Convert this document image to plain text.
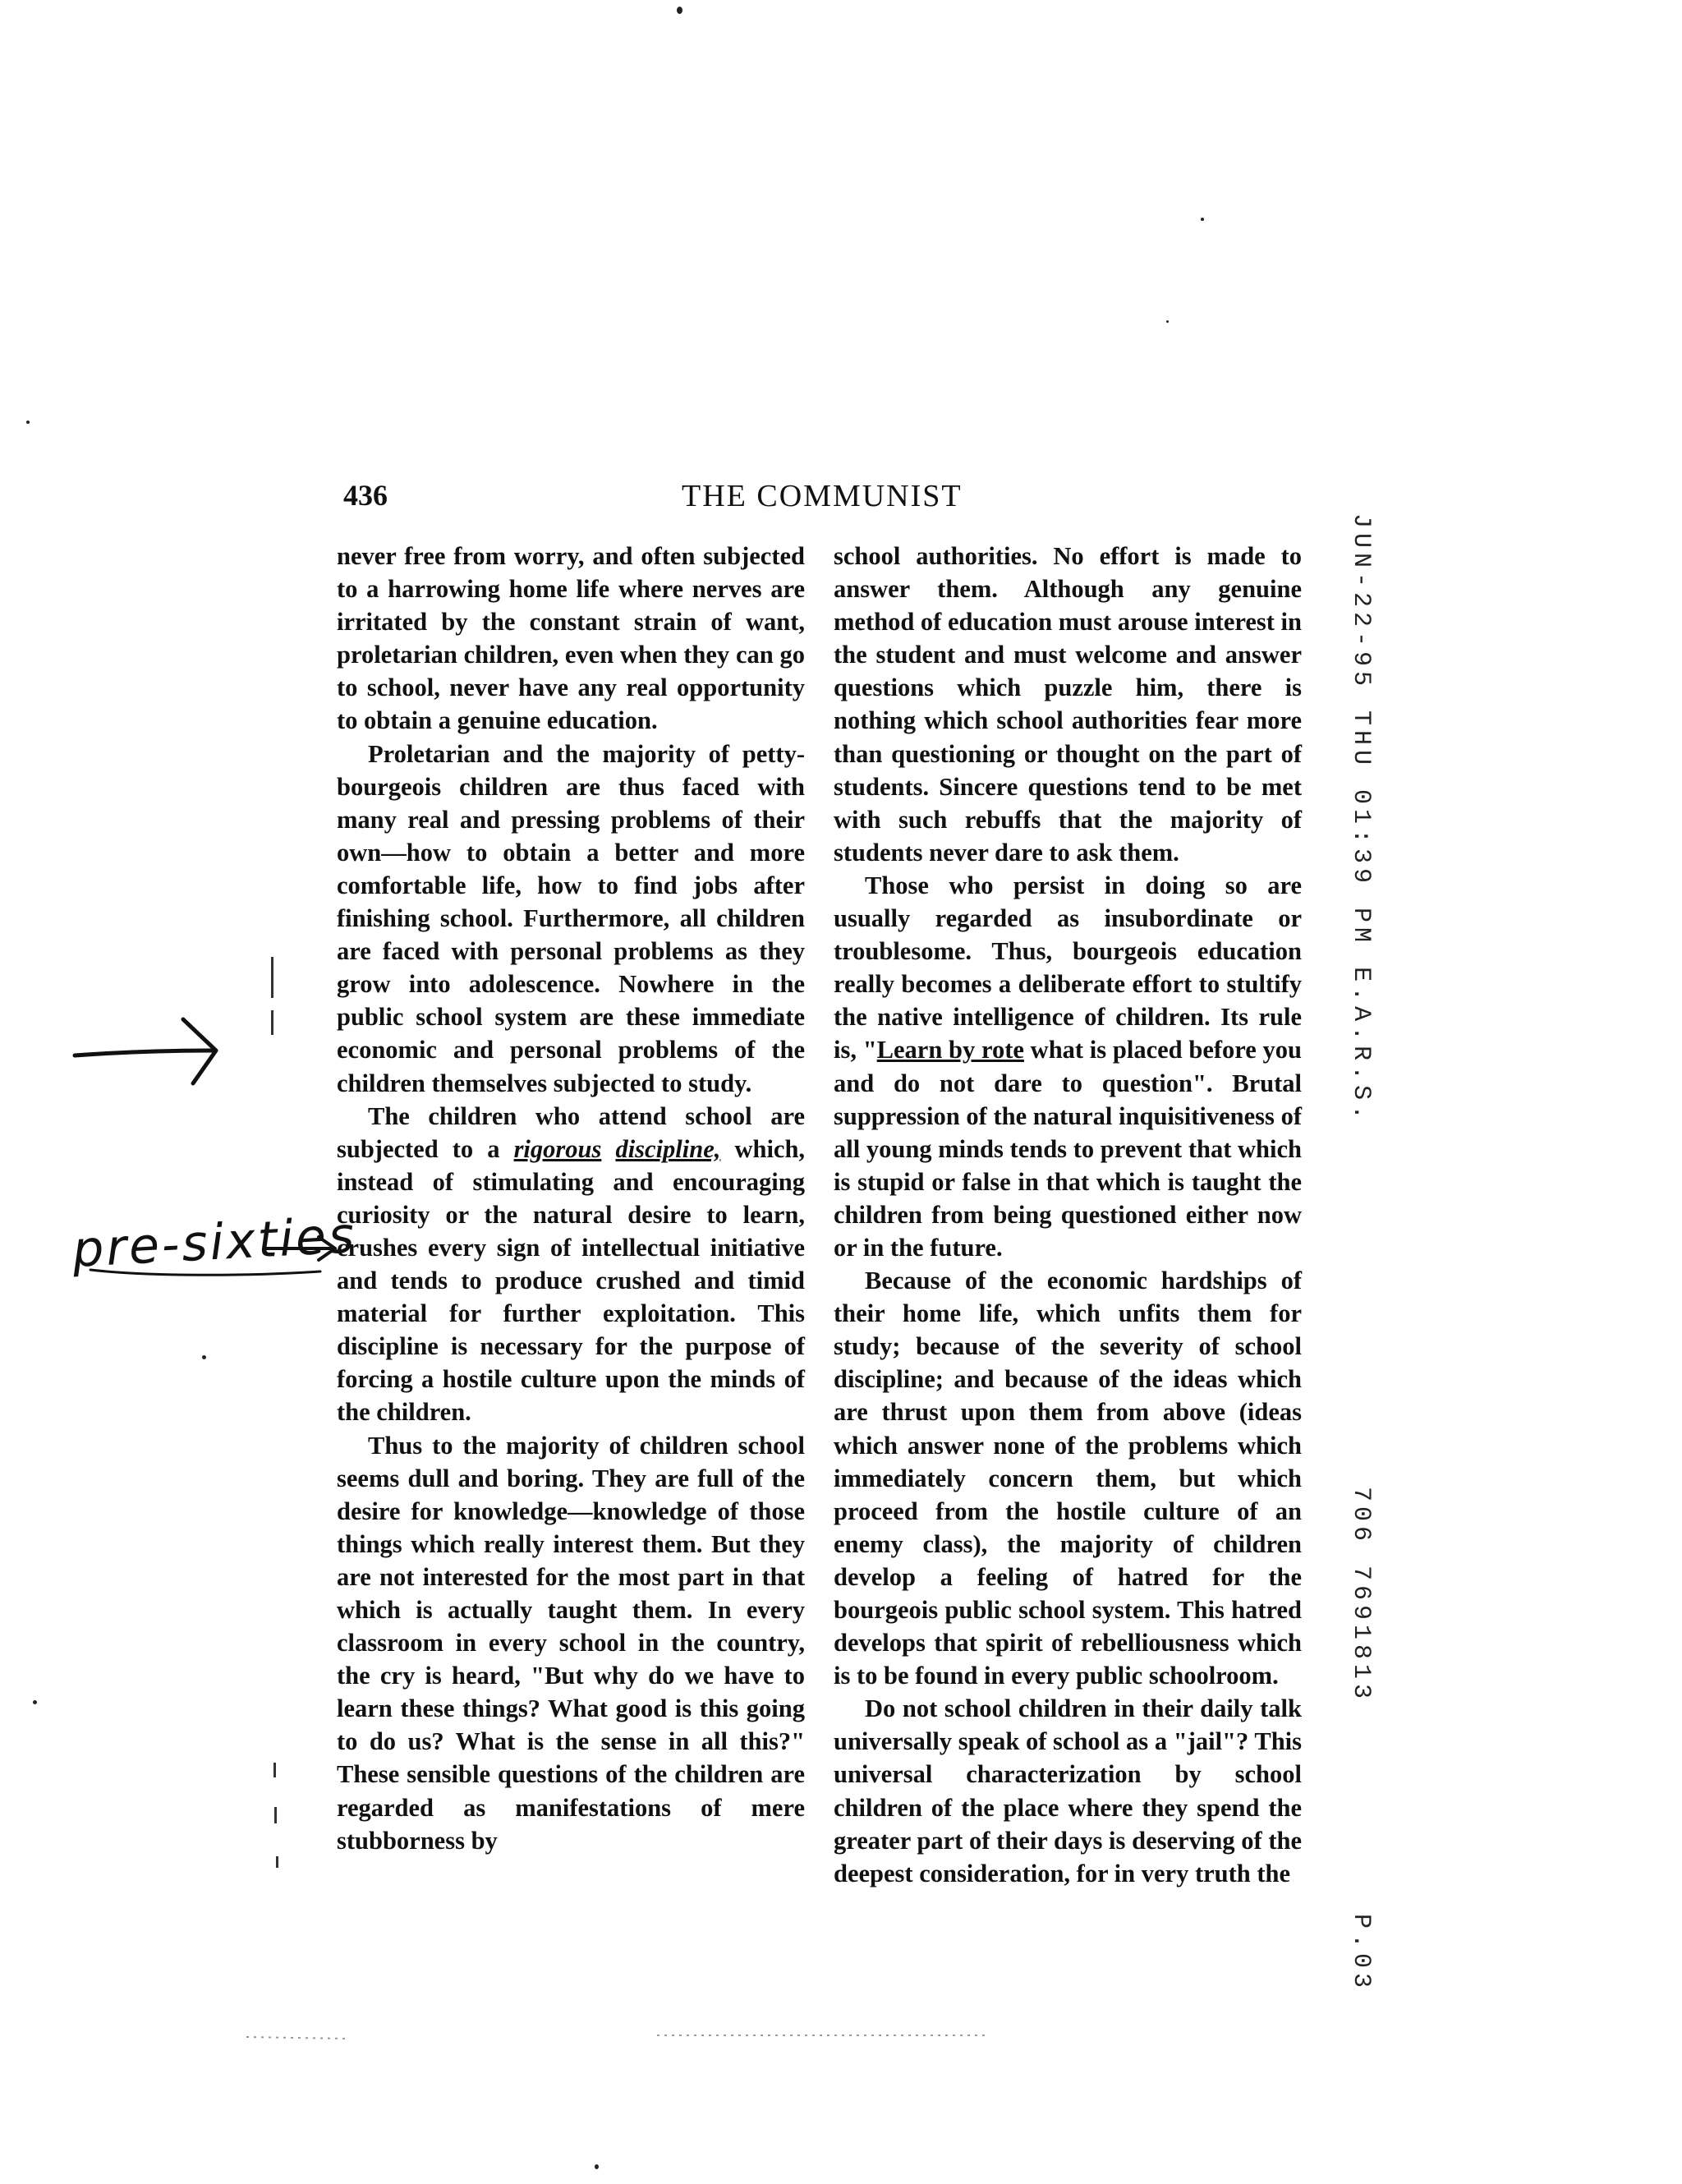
436	THE COMMUNIST

never free from worry, and often subjected to a harrowing home life where nerves are irritated by the constant strain of want, proletarian children, even when they can go to school, never have any real opportunity to obtain a genuine education.

Proletarian and the majority of petty-bourgeois children are thus faced with many real and pressing problems of their own—how to obtain a better and more comfortable life, how to find jobs after finishing school. Furthermore, all children are faced with personal problems as they grow into adolescence. Nowhere in the public school system are these immediate economic and personal problems of the children themselves subjected to study.

The children who attend school are subjected to a rigorous discipline, which, instead of stimulating and encouraging curiosity or the natural desire to learn, crushes every sign of intellectual initiative and tends to produce crushed and timid material for further exploitation. This discipline is necessary for the purpose of forcing a hostile culture upon the minds of the children.

Thus to the majority of children school seems dull and boring. They are full of the desire for knowledge—knowledge of those things which really interest them. But they are not interested for the most part in that which is actually taught them. In every classroom in every school in the country, the cry is heard, "But why do we have to learn these things? What good is this going to do us? What is the sense in all this?" These sensible questions of the children are regarded as manifestations of mere stubborness by

school authorities. No effort is made to answer them. Although any genuine method of education must arouse interest in the student and must welcome and answer questions which puzzle him, there is nothing which school authorities fear more than questioning or thought on the part of students. Sincere questions tend to be met with such rebuffs that the majority of students never dare to ask them.

Those who persist in doing so are usually regarded as insubordinate or troublesome. Thus, bourgeois education really becomes a deliberate effort to stultify the native intelligence of children. Its rule is, "Learn by rote what is placed before you and do not dare to question". Brutal suppression of the natural inquisitiveness of all young minds tends to prevent that which is stupid or false in that which is taught the children from being questioned either now or in the future.

Because of the economic hardships of their home life, which unfits them for study; because of the severity of school discipline; and because of the ideas which are thrust upon them from above (ideas which answer none of the problems which immediately concern them, but which proceed from the hostile culture of an enemy class), the majority of children develop a feeling of hatred for the bourgeois public school system. This hatred develops that spirit of rebelliousness which is to be found in every public schoolroom.

Do not school children in their daily talk universally speak of school as a "jail"? This universal characterization by school children of the place where they spend the greater part of their days is deserving of the deepest consideration, for in very truth the

JUN-22-95 THU 01:39 PM E.A.R.S.
706 7691813
P.03
pre-sixties
